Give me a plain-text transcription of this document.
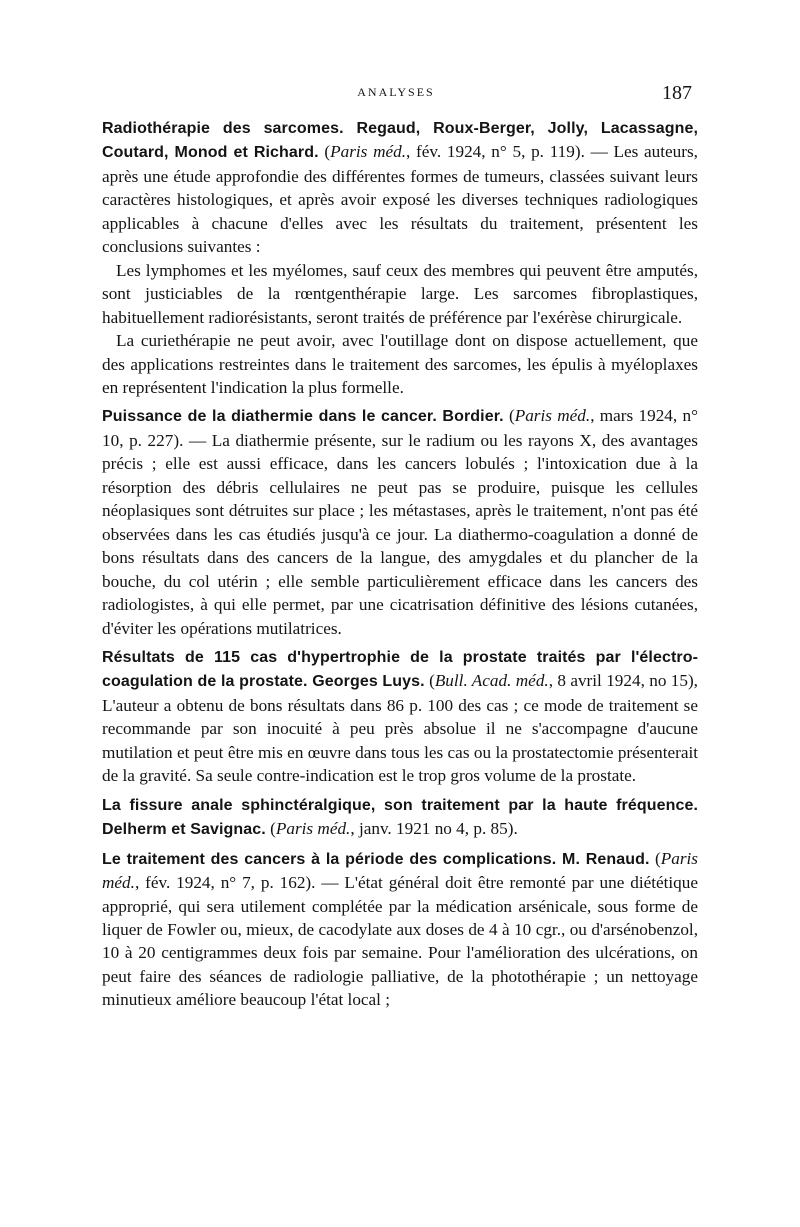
ANALYSES	187

Radiothérapie des sarcomes. Regaud, Roux-Berger, Jolly, Lacassagne, Coutard, Monod et Richard. (Paris méd., fév. 1924, n° 5, p. 119). — Les auteurs, après une étude approfondie des différentes formes de tumeurs, classées suivant leurs caractères histologiques, et après avoir exposé les diverses techniques radiologiques applicables à chacune d'elles avec les résultats du traitement, présentent les conclusions suivantes :

Les lymphomes et les myélomes, sauf ceux des membres qui peuvent être amputés, sont justiciables de la rœntgenthérapie large. Les sarcomes fibroplastiques, habituellement radiorésistants, seront traités de préférence par l'exérèse chirurgicale.

La curiethérapie ne peut avoir, avec l'outillage dont on dispose actuellement, que des applications restreintes dans le traitement des sarcomes, les épulis à myéloplaxes en représentent l'indication la plus formelle.

Puissance de la diathermie dans le cancer. Bordier. (Paris méd., mars 1924, n° 10, p. 227). — La diathermie présente, sur le radium ou les rayons X, des avantages précis ; elle est aussi efficace, dans les cancers lobulés ; l'intoxication due à la résorption des débris cellulaires ne peut pas se produire, puisque les cellules néoplasiques sont détruites sur place ; les métastases, après le traitement, n'ont pas été observées dans les cas étudiés jusqu'à ce jour. La diathermo-coagulation a donné de bons résultats dans des cancers de la langue, des amygdales et du plancher de la bouche, du col utérin ; elle semble particulièrement efficace dans les cancers des radiologistes, à qui elle permet, par une cicatrisation définitive des lésions cutanées, d'éviter les opérations mutilatrices.

Résultats de 115 cas d'hypertrophie de la prostate traités par l'électro-coagulation de la prostate. Georges Luys. (Bull. Acad. méd., 8 avril 1924, no 15), L'auteur a obtenu de bons résultats dans 86 p. 100 des cas ; ce mode de traitement se recommande par son inocuité à peu près absolue il ne s'accompagne d'aucune mutilation et peut être mis en œuvre dans tous les cas ou la prostatectomie présenterait de la gravité. Sa seule contre-indication est le trop gros volume de la prostate.

La fissure anale sphinctéralgique, son traitement par la haute fréquence. Delherm et Savignac. (Paris méd., janv. 1921 no 4, p. 85).

Le traitement des cancers à la période des complications. M. Renaud. (Paris méd., fév. 1924, n° 7, p. 162). — L'état général doit être remonté par une diététique approprié, qui sera utilement complétée par la médication arsénicale, sous forme de liquer de Fowler ou, mieux, de cacodylate aux doses de 4 à 10 cgr., ou d'arsénobenzol, 10 à 20 centigrammes deux fois par semaine. Pour l'amélioration des ulcérations, on peut faire des séances de radiologie palliative, de la photothérapie ; un nettoyage minutieux améliore beaucoup l'état local ;
